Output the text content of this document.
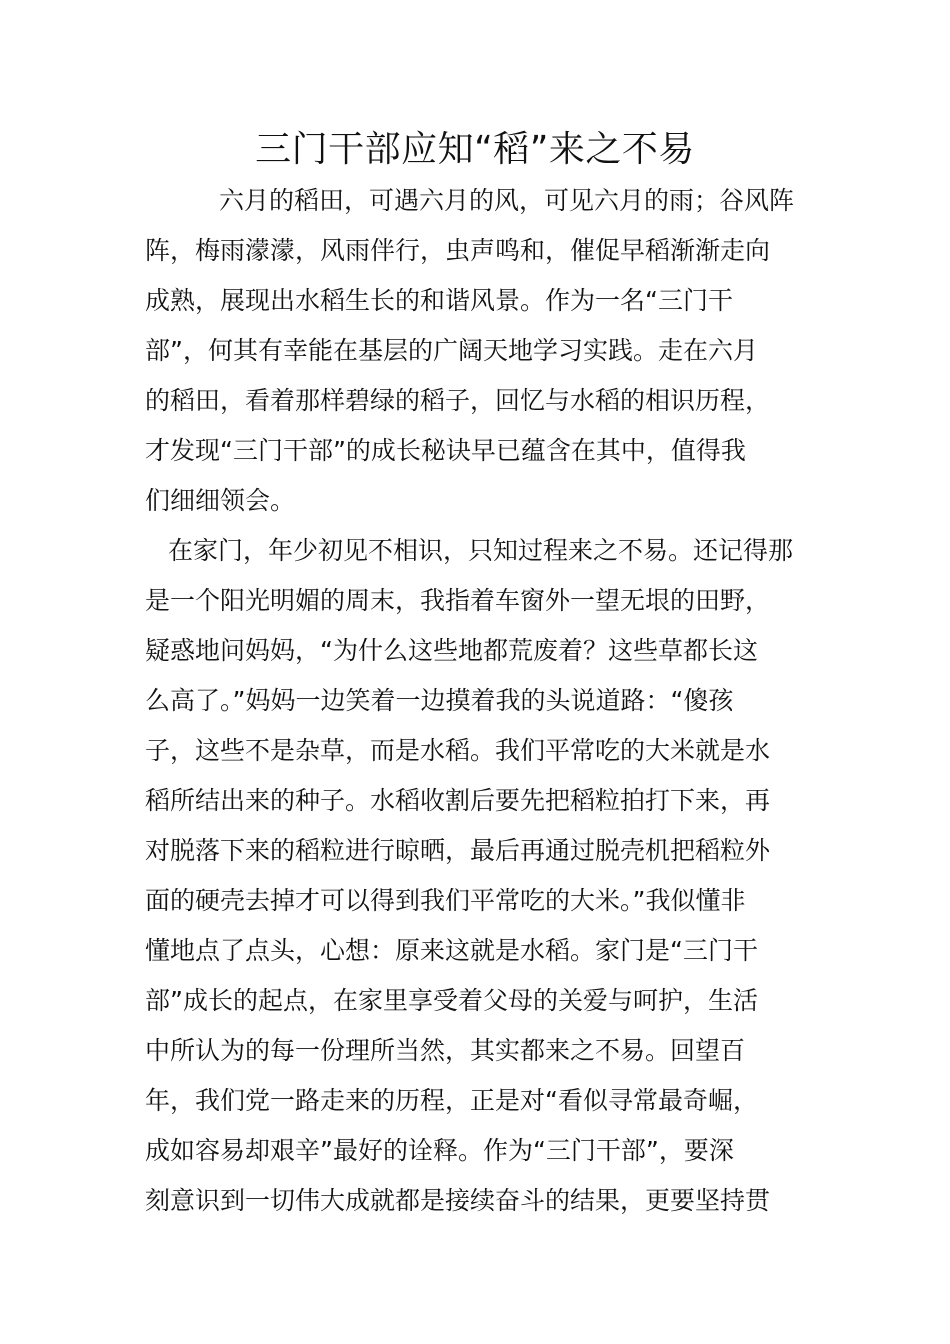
三门干部应知“稻”来之不易
六月的稻田，可遇六月的风，可见六月的雨；谷风阵
阵，梅雨濛濛，风雨伴行，虫声鸣和，催促早稻渐渐走向
成熟，展现出水稻生长的和谐风景。作为一名“三门干
部”，何其有幸能在基层的广阔天地学习实践。走在六月
的稻田，看着那样碧绿的稻子，回忆与水稻的相识历程，
才发现“三门干部”的成长秘诀早已蕴含在其中，值得我
们细细领会。
在家门，年少初见不相识，只知过程来之不易。还记得那
是一个阳光明媚的周末，我指着车窗外一望无垠的田野，
疑惑地问妈妈，“为什么这些地都荒废着？这些草都长这
么高了。”妈妈一边笑着一边摸着我的头说道路：“傻孩
子，这些不是杂草，而是水稻。我们平常吃的大米就是水
稻所结出来的种子。水稻收割后要先把稻粒拍打下来，再
对脱落下来的稻粒进行晾晒，最后再通过脱壳机把稻粒外
面的硬壳去掉才可以得到我们平常吃的大米。”我似懂非
懂地点了点头，心想：原来这就是水稻。家门是“三门干
部”成长的起点，在家里享受着父母的关爱与呵护，生活
中所认为的每一份理所当然，其实都来之不易。回望百
年，我们党一路走来的历程，正是对“看似寻常最奇崛，
成如容易却艰辛”最好的诠释。作为“三门干部”，要深
刻意识到一切伟大成就都是接续奋斗的结果，更要坚持贯
